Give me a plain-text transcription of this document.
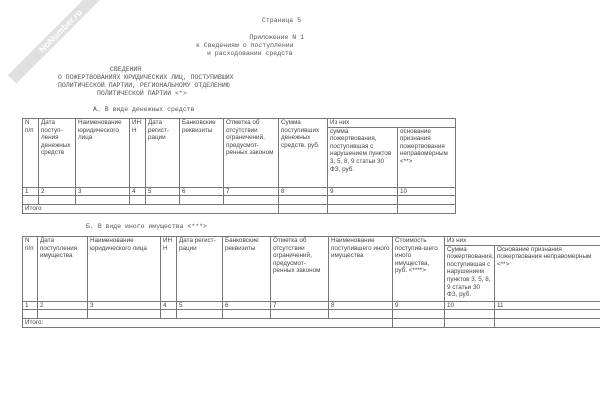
NoNumber.ru	Страница 5
Приложение N 1
к Сведениям о поступлении
и расходовании средств
СВЕДЕНИЯ
О ПОЖЕРТВОВАНИЯХ ЮРИДИЧЕСКИХ ЛИЦ, ПОСТУПИВШИХ
ПОЛИТИЧЕСКОЙ ПАРТИИ, РЕГИОНАЛЬНОМУ ОТДЕЛЕНИЮ
ПОЛИТИЧЕСКОЙ ПАРТИИ <*>
А. В виде денежных средств
N п/п	Дата поступ-ления денежных средств	Наименование юридического лица	ИН Н	Дата регист-рации	Банковские реквизиты	Отметка об отсутствии ограничений, предусмот-ренных законом	Сумма поступивших денежных средств, руб.	Из них	
								сумма пожертвования, поступившая с нарушением пунктов 3, 5, 8, 9 статьи 30 ФЗ, руб.	основание признания пожертвования неправомерным <**>
1	2	3	4	5	6	7	8	9	10

Итого									
Б. В виде иного имущества <***>
N п/п	Дата поступления имущества	Наименование юридического лица	ИН Н	Дата регист-рации	Банковские реквизиты	Отметка об отсутствии ограничений, предусмот-ренных законом	Наименование поступившего иного имущества	Стоимость поступив-шего иного имущества, руб. <****>	Из них	
									Сумма пожертвования, поступившая с нарушением пунктов 3, 5, 8, 9 статьи 30 ФЗ, руб.	Основание признания пожертвования неправомерным <**>
1	2	3	4	5	6	7	8	9	10	11

Итого:										
